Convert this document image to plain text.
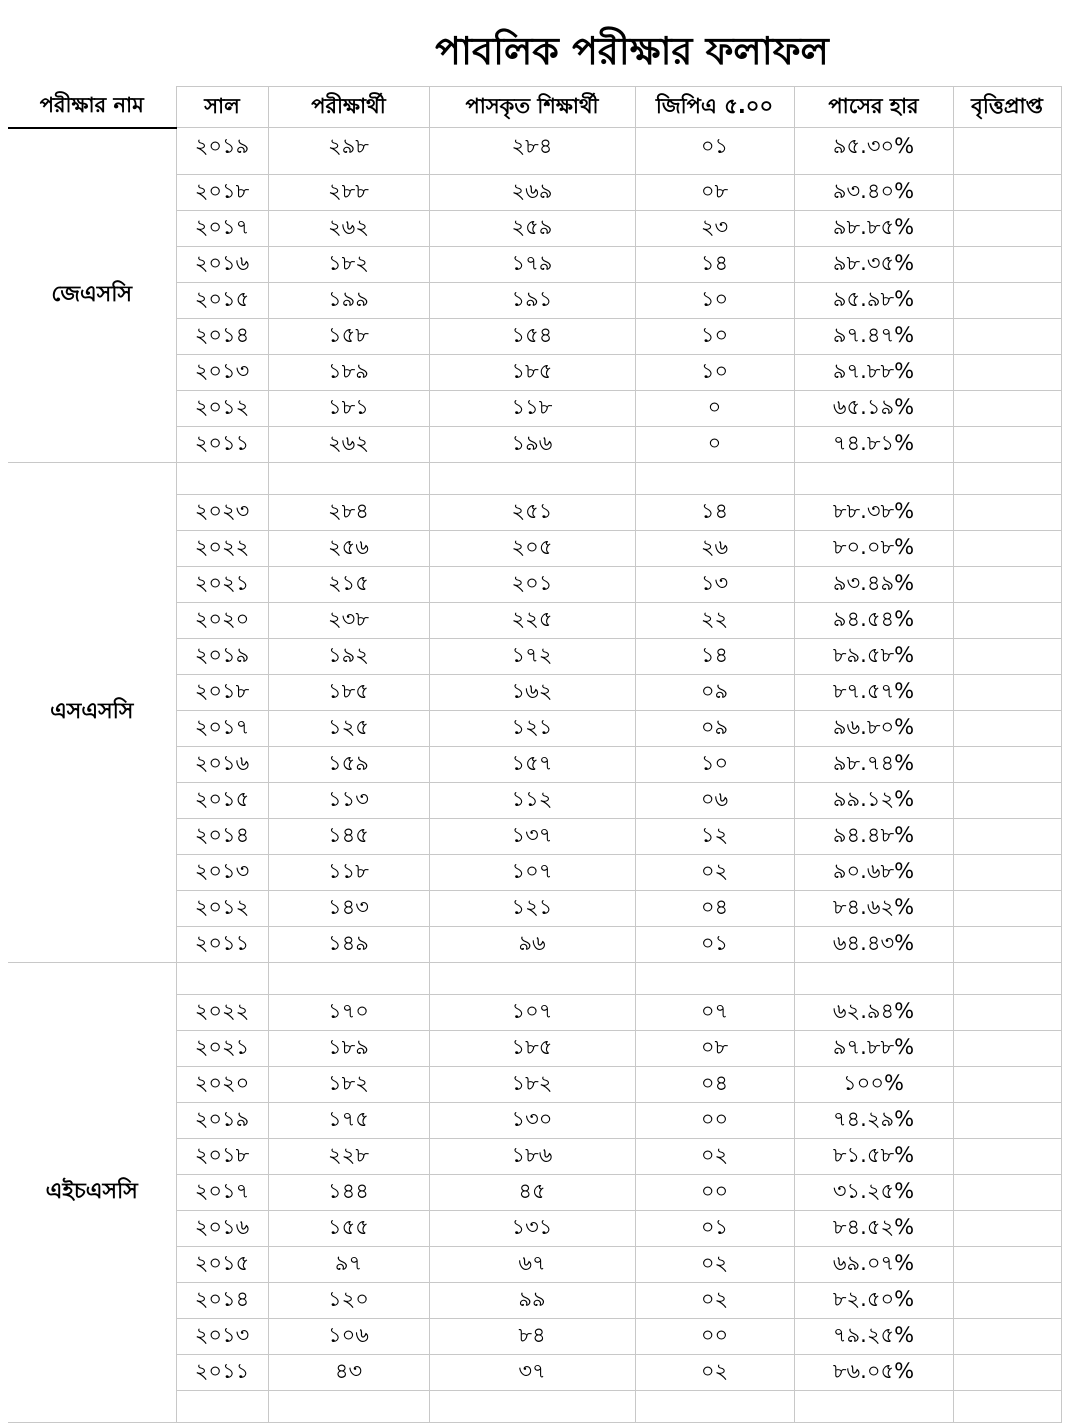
পাবলিক পরীক্ষার ফলাফল
পরীক্ষার নাম	সাল	পরীক্ষার্থী	পাসকৃত শিক্ষার্থী	জিপিএ ৫.০০	পাসের হার	বৃত্তিপ্রাপ্ত
জেএসসি	২০১৯	২৯৮	২৮৪	০১	৯৫.৩০%	
	২০১৮	২৮৮	২৬৯	০৮	৯৩.৪০%	
	২০১৭	২৬২	২৫৯	২৩	৯৮.৮৫%	
	২০১৬	১৮২	১৭৯	১৪	৯৮.৩৫%	
	২০১৫	১৯৯	১৯১	১০	৯৫.৯৮%	
	২০১৪	১৫৮	১৫৪	১০	৯৭.৪৭%	
	২০১৩	১৮৯	১৮৫	১০	৯৭.৮৮%	
	২০১২	১৮১	১১৮	০	৬৫.১৯%	
	২০১১	২৬২	১৯৬	০	৭৪.৮১%	
এসএসসি						
	২০২৩	২৮৪	২৫১	১৪	৮৮.৩৮%	
	২০২২	২৫৬	২০৫	২৬	৮০.০৮%	
	২০২১	২১৫	২০১	১৩	৯৩.৪৯%	
	২০২০	২৩৮	২২৫	২২	৯৪.৫৪%	
	২০১৯	১৯২	১৭২	১৪	৮৯.৫৮%	
	২০১৮	১৮৫	১৬২	০৯	৮৭.৫৭%	
	২০১৭	১২৫	১২১	০৯	৯৬.৮০%	
	২০১৬	১৫৯	১৫৭	১০	৯৮.৭৪%	
	২০১৫	১১৩	১১২	০৬	৯৯.১২%	
	২০১৪	১৪৫	১৩৭	১২	৯৪.৪৮%	
	২০১৩	১১৮	১০৭	০২	৯০.৬৮%	
	২০১২	১৪৩	১২১	০৪	৮৪.৬২%	
	২০১১	১৪৯	৯৬	০১	৬৪.৪৩%	
এইচএসসি						
	২০২২	১৭০	১০৭	০৭	৬২.৯৪%	
	২০২১	১৮৯	১৮৫	০৮	৯৭.৮৮%	
	২০২০	১৮২	১৮২	০৪	১০০%	
	২০১৯	১৭৫	১৩০	০০	৭৪.২৯%	
	২০১৮	২২৮	১৮৬	০২	৮১.৫৮%	
	২০১৭	১৪৪	৪৫	০০	৩১.২৫%	
	২০১৬	১৫৫	১৩১	০১	৮৪.৫২%	
	২০১৫	৯৭	৬৭	০২	৬৯.০৭%	
	২০১৪	১২০	৯৯	০২	৮২.৫০%	
	২০১৩	১০৬	৮৪	০০	৭৯.২৫%	
	২০১১	৪৩	৩৭	০২	৮৬.০৫%	
